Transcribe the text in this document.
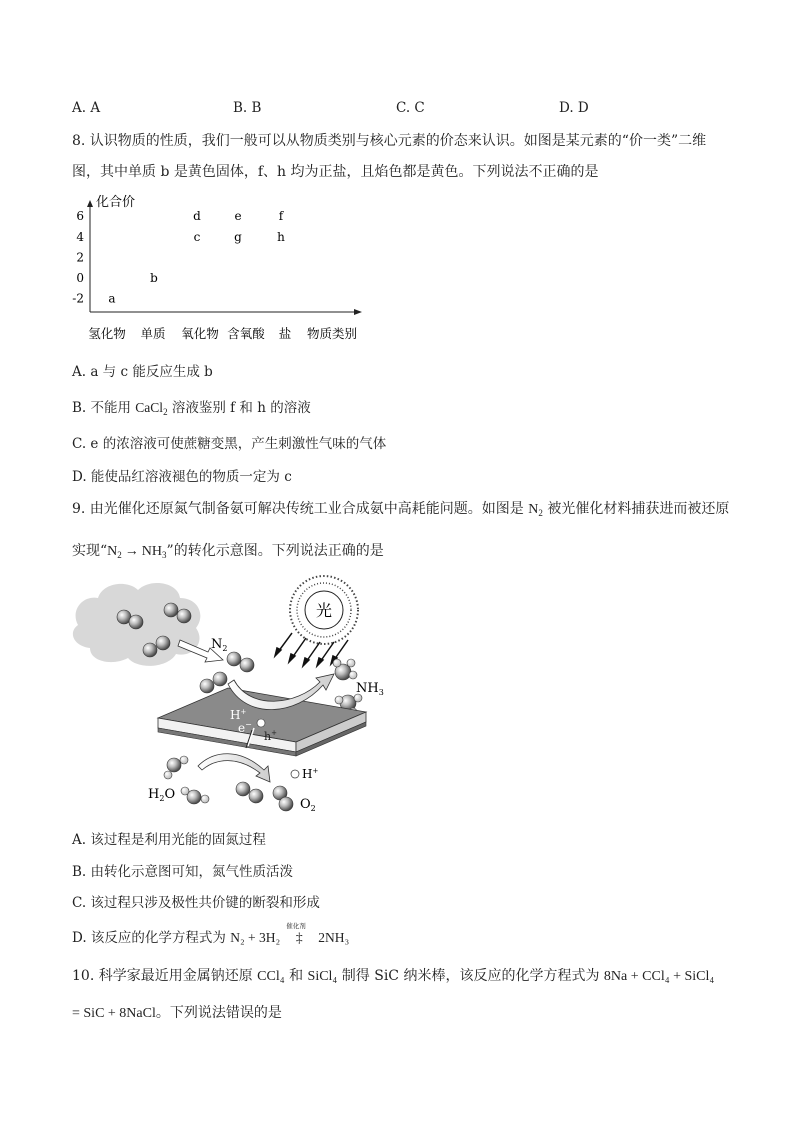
A. A	B. B	C. C	D. D
8. 认识物质的性质，我们一般可以从物质类别与核心元素的价态来认识。如图是某元素的“价一类”二维
图，其中单质 b 是黄色固体，f、h 均为正盐，且焰色都是黄色。下列说法不正确的是
化合价
6
4
2
0
-2
氢化物 单质 氧化物 含氧酸 盐 物质类别
a
b
c
d	e
g
f
h
A. a 与 c 能反应生成 b
B. 不能用 CaCl$_2$ 溶液鉴别 f 和 h 的溶液
C. e 的浓溶液可使蔗糖变黑，产生刺激性气味的气体
D. 能使品红溶液褪色的物质一定为 c
9. 由光催化还原氮气制备氨可解决传统工业合成氨中高耗能问题。如图是 $N_2$ 被光催化材料捕获进而被还原
实现“$N_2 \to NH_3$”的转化示意图。下列说法正确的是
$N_2$
光
$NH_3$
H+
e−
h+
$H_2O$
H+
$O_2$
A. 该过程是利用光能的固氮过程
B. 由转化示意图可知，氮气性质活泼
C. 该过程只涉及极性共价键的断裂和形成
D. 该反应的化学方程式为 N₂ + 3H₂
催化剂
‡ 2NH₃
10. 科学家最近用金属钠还原 CCl₄ 和 SiCl₄ 制得 SiC 纳米棒，该反应的化学方程式为 8Na + CCl₄ + SiCl₄
= SiC + 8NaCl。下列说法错误的是
